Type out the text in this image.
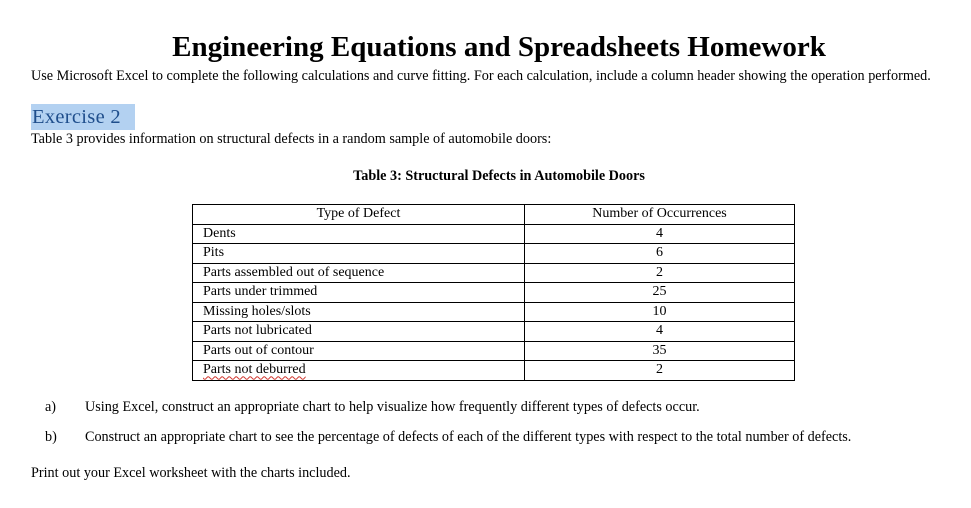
Engineering Equations and Spreadsheets Homework
Use Microsoft Excel to complete the following calculations and curve fitting. For each calculation, include a column header showing the operation performed.
Exercise 2
Table 3 provides information on structural defects in a random sample of automobile doors:
Table 3: Structural Defects in Automobile Doors
Type of Defect	Number of Occurrences
Dents	4
Pits	6
Parts assembled out of sequence	2
Parts under trimmed	25
Missing holes/slots	10
Parts not lubricated	4
Parts out of contour	35
Parts not deburred	2
a) Using Excel, construct an appropriate chart to help visualize how frequently different types of defects occur.
b) Construct an appropriate chart to see the percentage of defects of each of the different types with respect to the total number of defects.
Print out your Excel worksheet with the charts included.
